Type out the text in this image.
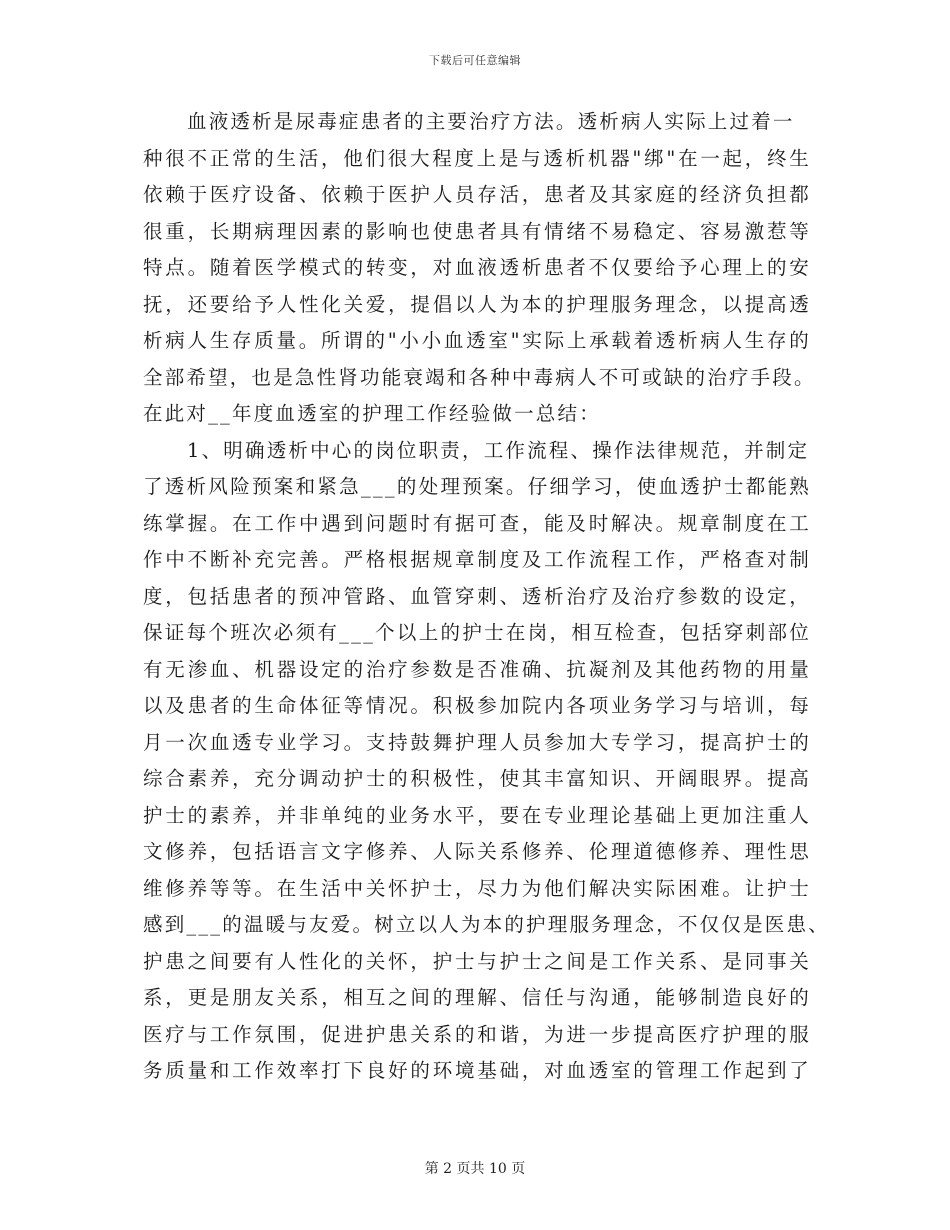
下载后可任意编辑
血液透析是尿毒症患者的主要治疗方法。透析病人实际上过着一
种很不正常的生活，他们很大程度上是与透析机器"绑"在一起，终生
依赖于医疗设备、依赖于医护人员存活，患者及其家庭的经济负担都
很重，长期病理因素的影响也使患者具有情绪不易稳定、容易激惹等
特点。随着医学模式的转变，对血液透析患者不仅要给予心理上的安
抚，还要给予人性化关爱，提倡以人为本的护理服务理念，以提高透
析病人生存质量。所谓的"小小血透室"实际上承载着透析病人生存的
全部希望，也是急性肾功能衰竭和各种中毒病人不可或缺的治疗手段。
在此对__年度血透室的护理工作经验做一总结：
1、明确透析中心的岗位职责，工作流程、操作法律规范，并制定
了透析风险预案和紧急___的处理预案。仔细学习，使血透护士都能熟
练掌握。在工作中遇到问题时有据可查，能及时解决。规章制度在工
作中不断补充完善。严格根据规章制度及工作流程工作，严格查对制
度，包括患者的预冲管路、血管穿刺、透析治疗及治疗参数的设定，
保证每个班次必须有___个以上的护士在岗，相互检查，包括穿刺部位
有无渗血、机器设定的治疗参数是否准确、抗凝剂及其他药物的用量
以及患者的生命体征等情况。积极参加院内各项业务学习与培训，每
月一次血透专业学习。支持鼓舞护理人员参加大专学习，提高护士的
综合素养，充分调动护士的积极性，使其丰富知识、开阔眼界。提高
护士的素养，并非单纯的业务水平，要在专业理论基础上更加注重人
文修养，包括语言文字修养、人际关系修养、伦理道德修养、理性思
维修养等等。在生活中关怀护士，尽力为他们解决实际困难。让护士
感到___的温暖与友爱。树立以人为本的护理服务理念，不仅仅是医患、
护患之间要有人性化的关怀，护士与护士之间是工作关系、是同事关
系，更是朋友关系，相互之间的理解、信任与沟通，能够制造良好的
医疗与工作氛围，促进护患关系的和谐，为进一步提高医疗护理的服
务质量和工作效率打下良好的环境基础，对血透室的管理工作起到了
第 2 页共 10 页
